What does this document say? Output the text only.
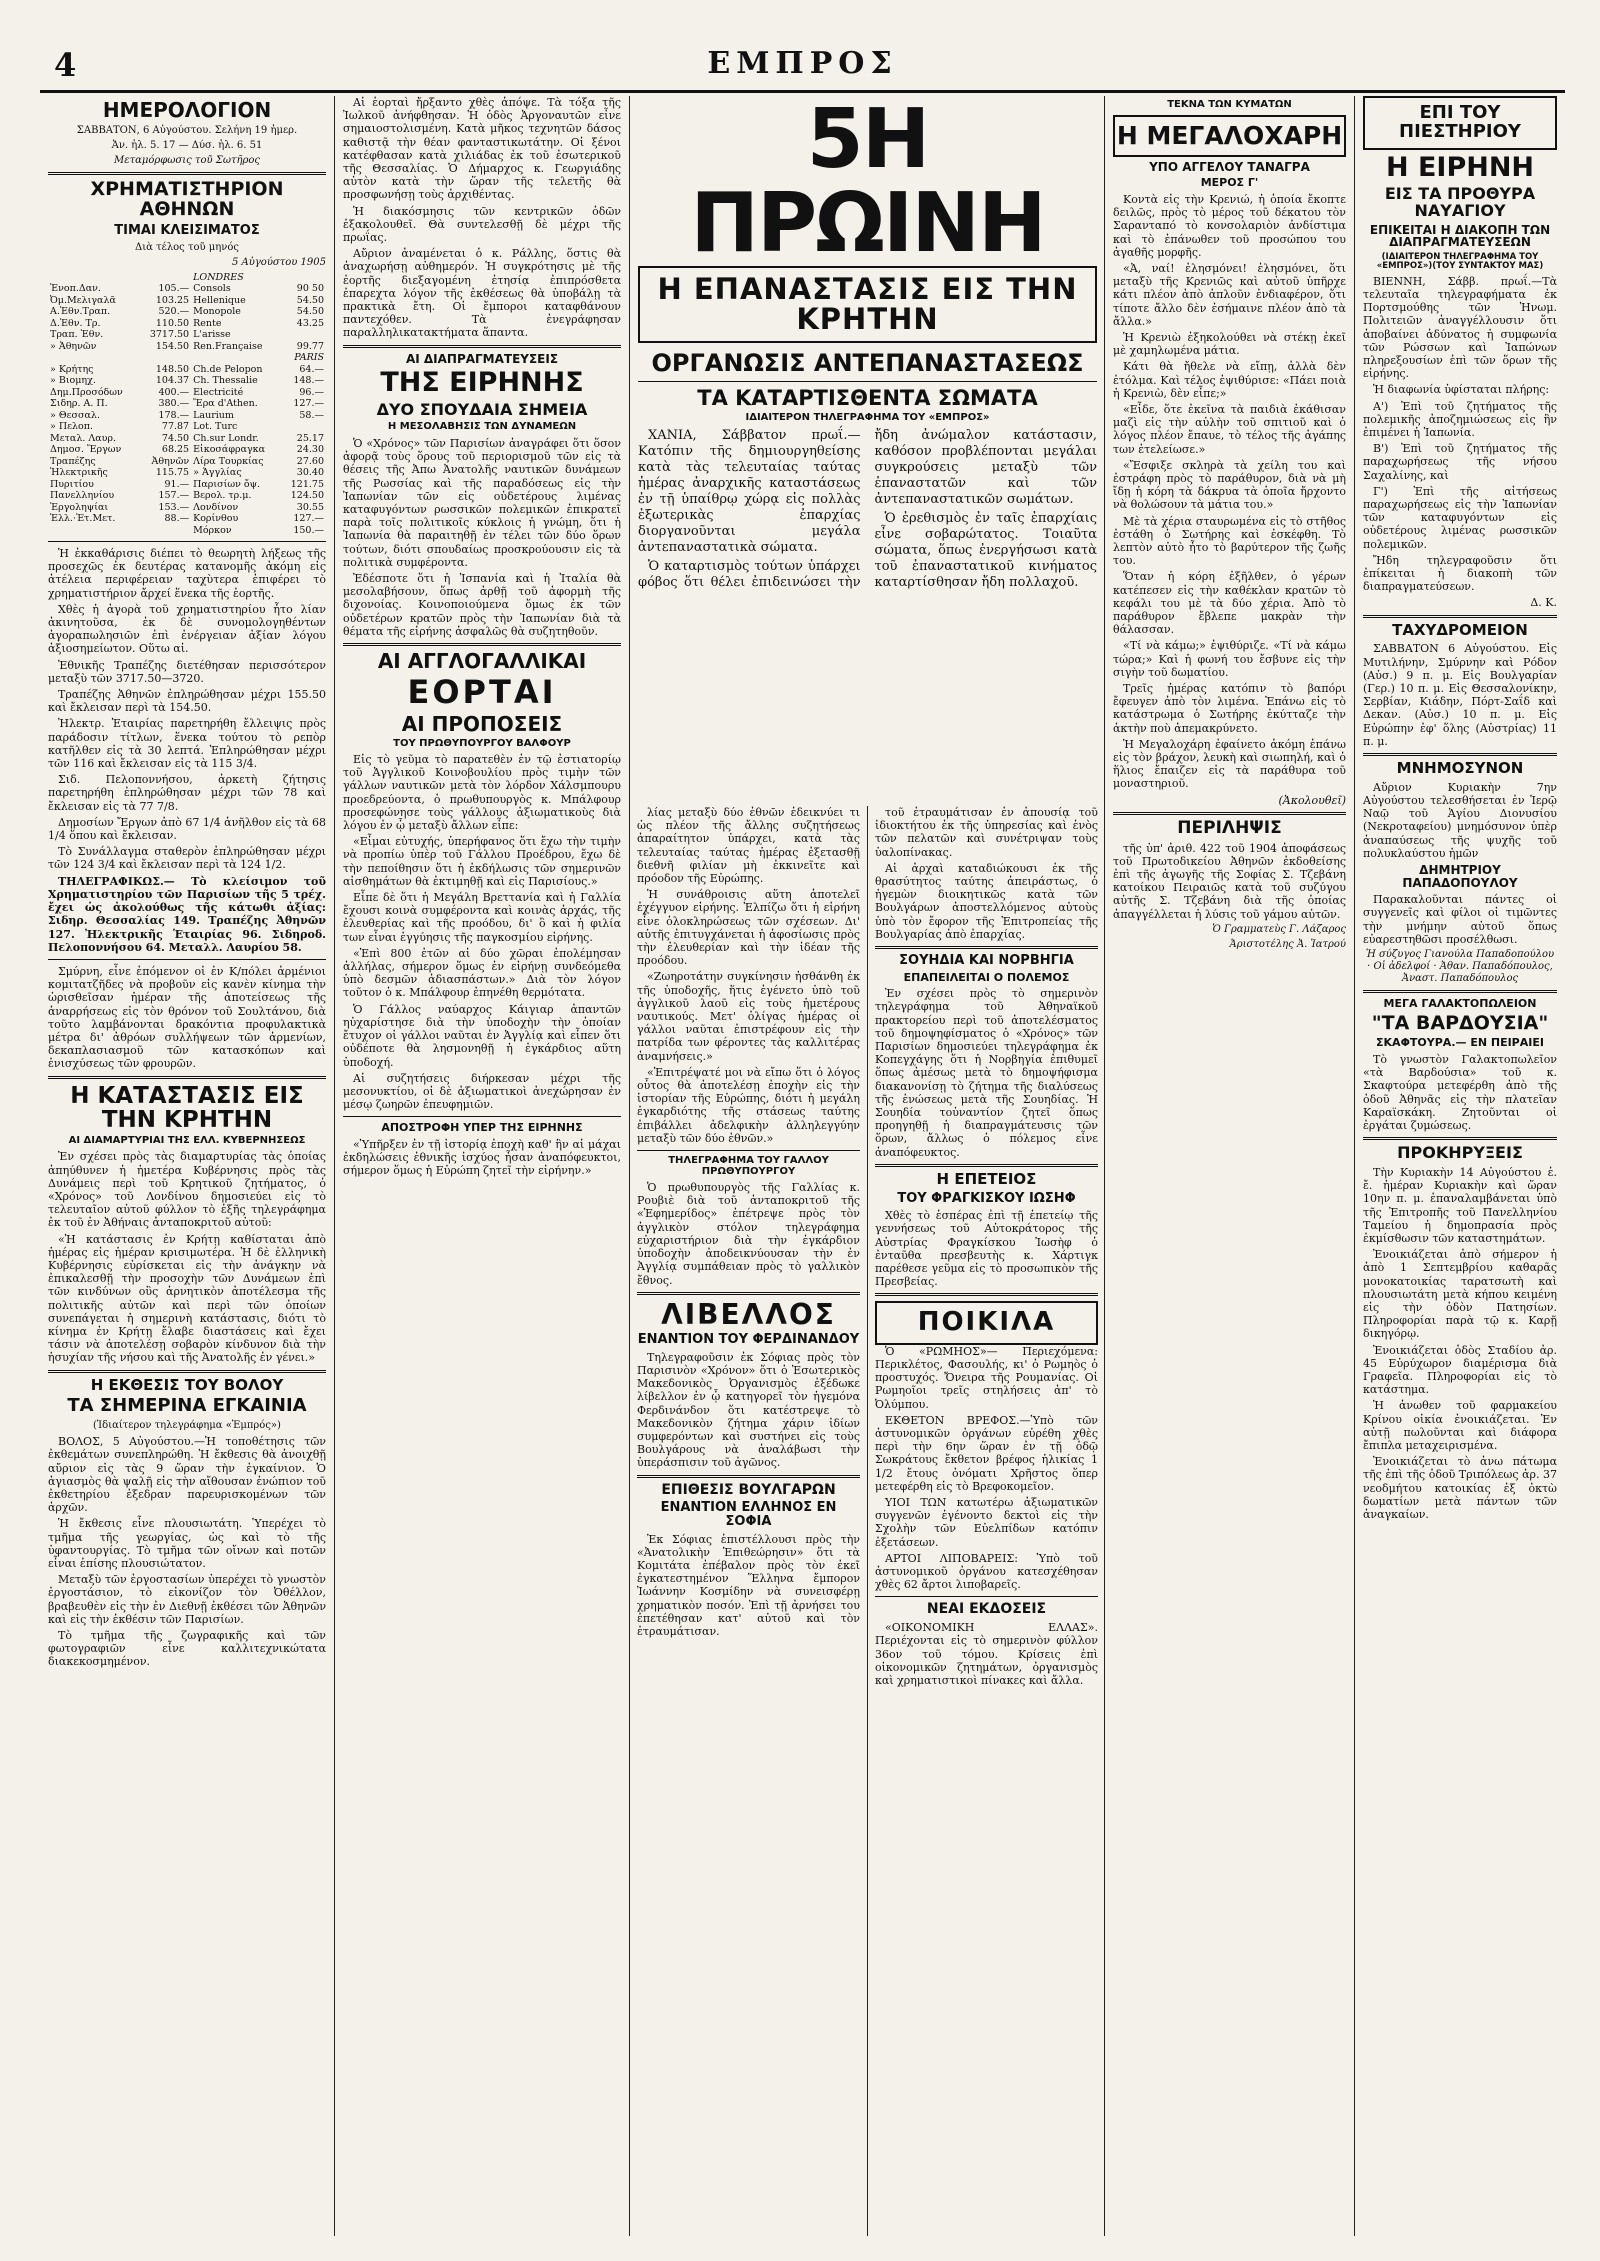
4	ΕΜΠΡΟΣ
ΗΜΕΡΟΛΟΓΙΟΝ

ΣΑΒΒΑΤΟΝ, 6 Αὐγούστου. Σελήνη 19 ἡμερ.

Ἀν. ἡλ. 5. 17 — Δύσ. ἡλ. 6. 51

Μεταμόρφωσις τοῦ Σωτῆρος

ΧΡΗΜΑΤΙΣΤΗΡΙΟΝ ΑΘΗΝΩΝ
ΤΙΜΑΙ ΚΛΕΙΣΙΜΑΤΟΣ

Διὰ τέλος τοῦ μηνός

5 Αὐγούστου 1905

		LONDRES	
Ἐνοπ.Δαν.	105.—	Consols	90 50
Ὀμ.Μελιγαλᾶ	103.25	Hellenique	54.50
Α.Ἐθν.Τραπ.	520.—	Monopole	54.50
Δ.Ἐθν. Τρ.	110.50	Rente	43.25
Τραπ. Ἐθν.	3717.50	L'arisse	
» Ἀθηνῶν	154.50	Ren.Française	99.77
PARIS			
» Κρήτης	148.50	Ch.de Pelopon	64.—
» Βιομηχ.	104.37	Ch. Thessalie	148.—
Δημ.Προσόδων	400.—	Electricité	96.—
Σιδηρ. Α. Π.	380.—	Ἔρα d'Athen.	127.—
» Θεσσαλ.	178.—	Laurium	58.—
» Πελοπ.	77.87	Lot. Turc	
Μεταλ. Λαυρ.	74.50	Ch.sur Londr.	25.17
Δημοσ. Ἔργων	68.25	Εἰκοσάφραγκα	24.30
Τραπέζης	Ἀθηνῶν	Λίρα Τουρκίας	27.60
Ἠλεκτρικῆς	115.75	» Ἀγγλίας	30.40
Πυριτίου	91.—	Παρισίων ὄψ.	121.75
Πανελληνίου	157.—	Βερολ. τρ.μ.	124.50
Ἐργοληψίαι	153.—	Λονδίνον	30.55
Ἑλλ.·Ἐτ.Μετ.	88.—	Κορίνθου	127.—
		Μόρκον	150.—

Ἡ ἐκκαθάρισις διέπει τὸ θεωρητὴ λήξεως τῆς προσεχῶς ἐκ δευτέρας κατανομῆς ἀκόμη εἰς ἀτέλεια περιφέρειαν ταχὺτερα ἐπιφέρει τὸ χρηματιστήριον ἄρχεί ἕνεκα τῆς ἑορτῆς.

Χθὲς ἡ ἀγορὰ τοῦ χρηματιστηρίου ἦτο λίαν ἀκινητοῦσα, ἐκ δὲ συνομολογηθέντων ἀγοραπωλησιῶν ἐπὶ ἐνέργειαν ἀξίαν λόγου ἀξιοσημείωτον. Οὕτω αἱ.

Ἐθνικῆς Τραπέζης διετέθησαν περισσότερον μεταξὺ τῶν 3717.50—3720.

Τραπέζης Ἀθηνῶν ἐπληρώθησαν μέχρι 155.50 καὶ ἔκλεισαν περὶ τὰ 154.50.

Ἠλεκτρ. Ἑταιρίας παρετηρήθη ἔλλειψις πρὸς παράδοσιν τίτλων, ἕνεκα τούτου τὸ ρεπὸρ κατῆλθεν εἰς τὰ 30 λεπτά. Ἐπληρώθησαν μέχρι τῶν 116 καὶ ἔκλεισαν εἰς τὰ 115 3/4.

Σιδ. Πελοποννήσου, ἀρκετὴ ζήτησις παρετηρήθη ἐπληρώθησαν μέχρι τῶν 78 καὶ ἔκλεισαν εἰς τὰ 77 7/8.

Δημοσίων Ἔργων ἀπὸ 67 1/4 ἀνῆλθον εἰς τὰ 68 1/4 ὅπου καὶ ἔκλεισαν.

Τὸ Συνάλλαγμα σταθερὸν ἐπληρώθησαν μέχρι τῶν 124 3/4 καὶ ἔκλεισαν περὶ τὰ 124 1/2.

ΤΗΛΕΓΡΑΦΙΚΩΣ.— Τὸ κλείσιμον τοῦ Χρηματιστηρίου τῶν Παρισίων τῆς 5 τρέχ. ἔχει ὡς ἀκολούθως τῆς κάτωθι ἀξίας: Σιδηρ. Θεσσαλίας 149. Τραπέζης Ἀθηνῶν 127. Ἠλεκτρικῆς Ἑταιρίας 96. Σιδηροδ. Πελοποννήσου 64. Μεταλλ. Λαυρίου 58.

Σμύρνη, εἶνε ἐπόμενον οἱ ἐν Κ/πόλει ἀρμένιοι κομιτατζῆδες νὰ προβοῦν εἰς κανὲν κίνημα τὴν ὡρισθεῖσαν ἡμέραν τῆς ἀποτείσεως τῆς ἀναρρήσεως εἰς τὸν θρόνον τοῦ Σουλτάνου, διὰ τοῦτο λαμβάνονται δρακόντια προφυλακτικὰ μέτρα δι' ἀθρόων συλλήψεων τῶν ἀρμενίων, δεκαπλασιασμοῦ τῶν κατασκόπων καὶ ἐνισχύσεως τῶν φρουρῶν.

Η ΚΑΤΑΣΤΑΣΙΣ ΕΙΣ ΤΗΝ ΚΡΗΤΗΝ
ΑΙ ΔΙΑΜΑΡΤΥΡΙΑΙ ΤΗΣ ΕΛΛ. ΚΥΒΕΡΝΗΣΕΩΣ

Ἐν σχέσει πρὸς τὰς διαμαρτυρίας τὰς ὁποίας ἀπηύθυνεν ἡ ἡμετέρα Κυβέρνησις πρὸς τὰς Δυνάμεις περὶ τοῦ Κρητικοῦ ζητήματος, ὁ «Χρόνος» τοῦ Λονδίνου δημοσιεύει εἰς τὸ τελευταῖον αὐτοῦ φύλλον τὸ ἑξῆς τηλεγράφημα ἐκ τοῦ ἐν Ἀθήναις ἀνταποκριτοῦ αὐτοῦ:

«Ἡ κατάστασις ἐν Κρήτῃ καθίσταται ἀπὸ ἡμέρας εἰς ἡμέραν κρισιμωτέρα. Ἡ δὲ ἑλληνικὴ Κυβέρνησις εὑρίσκεται εἰς τὴν ἀνάγκην νὰ ἐπικαλεσθῇ τὴν προσοχὴν τῶν Δυνάμεων ἐπὶ τῶν κινδύνων οὓς ἀρνητικὸν ἀποτέλεσμα τῆς πολιτικῆς αὐτῶν καὶ περὶ τῶν ὁποίων συνεπάγεται ἡ σημερινὴ κατάστασις, διότι τὸ κίνημα ἐν Κρήτῃ ἔλαβε διαστάσεις καὶ ἔχει τάσιν νὰ ἀποτελέσῃ σοβαρὸν κίνδυνον διὰ τὴν ἡσυχίαν τῆς νήσου καὶ τῆς Ἀνατολῆς ἐν γένει.»

Η ΕΚΘΕΣΙΣ ΤΟΥ ΒΟΛΟΥ
ΤΑ ΣΗΜΕΡΙΝΑ ΕΓΚΑΙΝΙΑ

(Ἰδιαίτερον τηλεγράφημα «Ἐμπρός»)

ΒΟΛΟΣ, 5 Αὐγούστου.—Ἡ τοποθέτησις τῶν ἐκθεμάτων συνεπληρώθη. Ἡ ἔκθεσις θὰ ἀνοιχθῇ αὔριον εἰς τὰς 9 ὥραν τὴν ἐγκαίνιον. Ὁ ἀγιασμὸς θὰ ψαλῇ εἰς τὴν αἴθουσαν ἐνώπιον τοῦ ἐκθετηρίου ἐξεδραν παρευρισκομένων τῶν ἀρχῶν.

Ἡ ἔκθεσις εἶνε πλουσιωτάτη. Ὑπερέχει τὸ τμῆμα τῆς γεωργίας, ὡς καὶ τὸ τῆς ὑφαντουργίας. Τὸ τμῆμα τῶν οἴνων καὶ ποτῶν εἶναι ἐπίσης πλουσιώτατον.

Μεταξὺ τῶν ἐργοστασίων ὑπερέχει τὸ γνωστὸν ἐργοστάσιον, τὸ εἰκονίζον τὸν Ὀθέλλον, βραβευθὲν εἰς τὴν ἐν Διεθνῇ ἐκθέσει τῶν Ἀθηνῶν καὶ εἰς τὴν ἐκθέσιν τῶν Παρισίων.

Τὸ τμῆμα τῆς ζωγραφικῆς καὶ τῶν φωτογραφιῶν εἶνε καλλιτεχνικώτατα διακεκοσμημένον.

Αἱ ἑορταὶ ἤρξαντο χθὲς ἀπόψε. Τὰ τόξα τῆς Ἰωλκοῦ ἀνήφθησαν. Ἡ ὁδὸς Ἀργοναυτῶν εἶνε σημαιοστολισμένη. Κατὰ μῆκος τεχνητῶν δάσος καθιστᾷ τὴν θέαν φανταστικωτάτην. Οἱ ξένοι κατέφθασαν κατὰ χιλιάδας ἐκ τοῦ ἐσωτερικοῦ τῆς Θεσσαλίας. Ὁ Δήμαρχος κ. Γεωργιάδης αὐτὸν κατὰ τὴν ὥραν τῆς τελετῆς θὰ προσφωνήσῃ τοὺς ἀρχιθέντας.

Ἡ διακόσμησις τῶν κεντρικῶν ὁδῶν ἐξακολουθεῖ. Θὰ συντελεσθῇ δὲ μέχρι τῆς πρωΐας.

Αὔριον ἀναμένεται ὁ κ. Ράλλης, ὅστις θὰ ἀναχωρήσῃ αὐθημερόν. Ἡ συγκρότησις μὲ τῆς ἐορτῆς διεξαγομένη ἐτησίᾳ ἐπιπρόσθετα ἐπαρεχτα λόγον τῆς ἐκθέσεως θὰ ὑποβάλῃ τὰ πρακτικὰ ἔτη. Οἱ ἔμποροι καταφθάνουν παντεχόθεν. Τὰ ἐνεγράφησαν παραλληλικατακτήματα ἅπαντα.

ΑΙ ΔΙΑΠΡΑΓΜΑΤΕΥΣΕΙΣ
ΤΗΣ ΕΙΡΗΝΗΣ
ΔΥΟ ΣΠΟΥΔΑΙΑ ΣΗΜΕΙΑ
Η ΜΕΣΟΛΑΒΗΣΙΣ ΤΩΝ ΔΥΝΑΜΕΩΝ

Ὁ «Χρόνος» τῶν Παρισίων ἀναγράφει ὅτι ὅσον ἀφορᾷ τοὺς ὅρους τοῦ περιορισμοῦ τῶν εἰς τὰ θέσεις τῆς Ἀπω Ἀνατολῆς ναυτικῶν δυνάμεων τῆς Ρωσσίας καὶ τῆς παραδόσεως εἰς τὴν Ἰαπωνίαν τῶν εἰς οὐδετέρους λιμένας καταφυγόντων ρωσσικῶν πολεμικῶν ἐπικρατεῖ παρὰ τοῖς πολιτικοῖς κύκλοις ἡ γνώμη, ὅτι ἡ Ἰαπωνία θὰ παραιτηθῇ ἐν τέλει τῶν δύο ὅρων τούτων, διότι σπουδαίως προσκρούουσιν εἰς τὰ πολιτικὰ συμφέροντα.

Ἐδέσποτε ὅτι ἡ Ἰσπανία καὶ ἡ Ἰταλία θὰ μεσολαβήσουν, ὅπως ἀρθῇ τοῦ ἀφορμὴ τῆς διχονοίας. Κοινοποιούμενα ὅμως ἐκ τῶν οὐδετέρων κρατῶν πρὸς τὴν Ἰαπωνίαν διὰ τὰ θέματα τῆς εἰρήνης ἀσφαλῶς θὰ συζητηθοῦν.

ΑΙ ΑΓΓΛΟΓΑΛΛΙΚΑΙ
ΕΟΡΤΑΙ
ΑΙ ΠΡΟΠΟΣΕΙΣ
ΤΟΥ ΠΡΩΘΥΠΟΥΡΓΟΥ ΒΑΛΦΟΥΡ

Εἰς τὸ γεῦμα τὸ παρατεθὲν ἐν τῷ ἐστιατορίῳ τοῦ Ἀγγλικοῦ Κοινοβουλίου πρὸς τιμὴν τῶν γάλλων ναυτικῶν μετὰ τὸν λόρδον Χάλσμπουρυ προεδρεύοντα, ὁ πρωθυπουργὸς κ. Μπάλφουρ προσεφώνησε τοὺς γάλλους ἀξιωματικοὺς διὰ λόγου ἐν ᾧ μεταξὺ ἄλλων εἶπε:

«Εἶμαι εὐτυχής, ὑπερήφανος ὅτι ἔχω τὴν τιμὴν νὰ προπίω ὑπὲρ τοῦ Γάλλου Προέδρου, ἔχω δὲ τὴν πεποίθησιν ὅτι ἡ ἐκδήλωσις τῶν σημερινῶν αἰσθημάτων θὰ ἐκτιμηθῇ καὶ εἰς Παρισίους.»

Εἶπε δὲ ὅτι ἡ Μεγάλη Βρεττανία καὶ ἡ Γαλλία ἔχουσι κοινὰ συμφέροντα καὶ κοινὰς ἀρχάς, τῆς ἐλευθερίας καὶ τῆς προόδου, δι' ὃ καὶ ἡ φιλία των εἶναι ἐγγύησις τῆς παγκοσμίου εἰρήνης.

«Ἐπὶ 800 ἐτῶν αἱ δύο χῶραι ἐπολέμησαν ἀλλήλας, σήμερον ὅμως ἐν εἰρήνῃ συνδεόμεθα ὑπὸ δεσμῶν ἀδιασπάστων.» Διὰ τὸν λόγον τοῦτον ὁ κ. Μπάλφουρ ἐπηνέθη θερμότατα.

Ὁ Γάλλος ναύαρχος Κάιγιαρ ἀπαντῶν ηὐχαρίστησε διὰ τὴν ὑποδοχὴν τὴν ὁποίαν ἔτυχον οἱ γάλλοι ναῦται ἐν Ἀγγλίᾳ καὶ εἶπεν ὅτι οὐδέποτε θὰ λησμονηθῇ ἡ ἐγκάρδιος αὕτη ὑποδοχή.

Αἱ συζητήσεις διήρκεσαν μέχρι τῆς μεσονυκτίου, οἱ δὲ ἀξιωματικοὶ ἀνεχώρησαν ἐν μέσῳ ζωηρῶν ἐπευφημιῶν.

ΑΠΟΣΤΡΟΦΗ ΥΠΕΡ ΤΗΣ ΕΙΡΗΝΗΣ

«Ὑπῆρξεν ἐν τῇ ἱστορίᾳ ἐποχὴ καθ' ἣν αἱ μάχαι ἐκδηλώσεις ἐθνικῆς ἰσχύος ἦσαν ἀναπόφευκτοι, σήμερον ὅμως ἡ Εὐρώπη ζητεῖ τὴν εἰρήνην.»

5Η ΠΡΩΙΝΗ
Η ΕΠΑΝΑΣΤΑΣΙΣ ΕΙΣ ΤΗΝ ΚΡΗΤΗΝ
ΟΡΓΑΝΩΣΙΣ ΑΝΤΕΠΑΝΑΣΤΑΣΕΩΣ
ΤΑ ΚΑΤΑΡΤΙΣΘΕΝΤΑ ΣΩΜΑΤΑ
ΙΔΙΑΙΤΕΡΟΝ ΤΗΛΕΓΡΑΦΗΜΑ ΤΟΥ «ΕΜΠΡΟΣ»

ΧΑΝΙΑ, Σάββατον πρωΐ.— Κατόπιν τῆς δημιουργηθείσης κατὰ τὰς τελευταίας ταύτας ἡμέρας ἀναρχικῆς καταστάσεως ἐν τῇ ὑπαίθρῳ χώρᾳ εἰς πολλὰς ἐξωτερικὰς ἐπαρχίας διοργανοῦνται μεγάλα ἀντεπαναστατικὰ σώματα.

Ὁ καταρτισμὸς τούτων ὑπάρχει φόβος ὅτι θέλει ἐπιδεινώσει τὴν ἤδη ἀνώμαλον κατάστασιν, καθόσον προβλέπονται μεγάλαι συγκρούσεις μεταξὺ τῶν ἐπαναστατῶν καὶ τῶν ἀντεπαναστατικῶν σωμάτων.

Ὁ ἐρεθισμὸς ἐν ταῖς ἐπαρχίαις εἶνε σοβαρώτατος. Τοιαῦτα σώματα, ὅπως ἐνεργήσωσι κατὰ τοῦ ἐπαναστατικοῦ κινήματος καταρτίσθησαν ἤδη πολλαχοῦ.

λίας μεταξὺ δύο ἐθνῶν ἐδεικνύει τι ὡς πλέον τῆς ἄλλης συζητήσεως ἀπαραίτητον ὑπάρχει, κατὰ τὰς τελευταίας ταύτας ἡμέρας ἐξετασθῇ διεθνῆ φιλίαν μὴ ἐκκινεῖτε καὶ πρόοδον τῆς Εὐρώπης.

Ἡ συνάθροισις αὕτη ἀποτελεῖ ἐχέγγυον εἰρήνης. Ἐλπίζω ὅτι ἡ εἰρήνη εἶνε ὁλοκληρώσεως τῶν σχέσεων. Δι' αὐτῆς ἐπιτυγχάνεται ἡ ἀφοσίωσις πρὸς τὴν ἐλευθερίαν καὶ τὴν ἰδέαν τῆς προόδου.

«Ζωηροτάτην συγκίνησιν ἠσθάνθη ἐκ τῆς ὑποδοχῆς, ἥτις ἐγένετο ὑπὸ τοῦ ἀγγλικοῦ λαοῦ εἰς τοὺς ἡμετέρους ναυτικούς. Μετ' ὀλίγας ἡμέρας οἱ γάλλοι ναῦται ἐπιστρέφουν εἰς τὴν πατρίδα των φέροντες τὰς καλλιτέρας ἀναμνήσεις.»

«Ἐπιτρέψατέ μοι νὰ εἴπω ὅτι ὁ λόγος οὗτος θὰ ἀποτελέσῃ ἐποχὴν εἰς τὴν ἱστορίαν τῆς Εὐρώπης, διότι ἡ μεγάλη ἐγκαρδιότης τῆς στάσεως ταύτης ἐπιβάλλει ἀδελφικὴν ἀλληλεγγύην μεταξὺ τῶν δύο ἐθνῶν.»

ΤΗΛΕΓΡΑΦΗΜΑ ΤΟΥ ΓΑΛΛΟΥ ΠΡΩΘΥΠΟΥΡΓΟΥ

Ὁ πρωθυπουργὸς τῆς Γαλλίας κ. Ρουβιὲ διὰ τοῦ ἀνταποκριτοῦ τῆς «Ἐφημερίδος» ἐπέτρεψε πρὸς τὸν ἀγγλικὸν στόλον τηλεγράφημα εὐχαριστήριον διὰ τὴν ἐγκάρδιον ὑποδοχὴν ἀποδεικνύουσαν τὴν ἐν Ἀγγλίᾳ συμπάθειαν πρὸς τὸ γαλλικὸν ἔθνος.

ΛΙΒΕΛΛΟΣ
ΕΝΑΝΤΙΟΝ ΤΟΥ ΦΕΡΔΙΝΑΝΔΟΥ

Τηλεγραφοῦσιν ἐκ Σόφιας πρὸς τὸν Παρισινὸν «Χρόνον» ὅτι ὁ Ἐσωτερικὸς Μακεδονικὸς Ὀργανισμὸς ἐξέδωκε λίβελλον ἐν ᾧ κατηγορεῖ τὸν ἡγεμόνα Φερδινάνδον ὅτι κατέστρεψε τὸ Μακεδονικὸν ζήτημα χάριν ἰδίων συμφερόντων καὶ συστήνει εἰς τοὺς Βουλγάρους νὰ ἀναλάβωσι τὴν ὑπεράσπισιν τοῦ ἀγῶνος.

ΕΠΙΘΕΣΙΣ ΒΟΥΛΓΑΡΩΝ
ΕΝΑΝΤΙΟΝ ΕΛΛΗΝΟΣ ΕΝ ΣΟΦΙΑ

Ἐκ Σόφιας ἐπιστέλλουσι πρὸς τὴν «Ἀνατολικὴν Ἐπιθεώρησιν» ὅτι τὰ Κομιτάτα ἐπέβαλον πρὸς τὸν ἐκεῖ ἐγκατεστημένον Ἕλληνα ἔμπορον Ἰωάννην Κοσμίδην νὰ συνεισφέρῃ χρηματικὸν ποσόν. Ἐπὶ τῇ ἀρνήσει του ἐπετέθησαν κατ' αὐτοῦ καὶ τὸν ἐτραυμάτισαν.

τοῦ ἐτραυμάτισαν ἐν ἀπουσίᾳ τοῦ ἰδιοκτήτου ἐκ τῆς ὑπηρεσίας καὶ ἑνὸς τῶν πελατῶν καὶ συνέτριψαν τοὺς ὑαλοπίνακας.

Αἱ ἀρχαὶ καταδιώκουσι ἐκ τῆς θρασύτητος ταύτης ἀπειράστως, ὁ ἡγεμὼν διοικητικῶς κατὰ τῶν Βουλγάρων ἀποστελλόμενος αὐτοὺς ὑπὸ τὸν ἔφορον τῆς Ἐπιτροπείας τῆς Βουλγαρίας ἀπὸ ἐπαρχίας.

ΣΟΥΗΔΙΑ ΚΑΙ ΝΟΡΒΗΓΙΑ
ΕΠΑΠΕΙΛΕΙΤΑΙ Ο ΠΟΛΕΜΟΣ

Ἐν σχέσει πρὸς τὸ σημερινὸν τηλεγράφημα τοῦ Ἀθηναϊκοῦ πρακτορείου περὶ τοῦ ἀποτελέσματος τοῦ δημοψηφίσματος ὁ «Χρόνος» τῶν Παρισίων δημοσιεύει τηλεγράφημα ἐκ Κοπεγχάγης ὅτι ἡ Νορβηγία ἐπιθυμεῖ ὅπως ἀμέσως μετὰ τὸ δημοψήφισμα διακανονίσῃ τὸ ζήτημα τῆς διαλύσεως τῆς ἑνώσεως μετὰ τῆς Σουηδίας. Ἡ Σουηδία τοὐναντίον ζητεῖ ὅπως προηγηθῇ ἡ διαπραγμάτευσις τῶν ὅρων, ἄλλως ὁ πόλεμος εἶνε ἀναπόφευκτος.

Η ΕΠΕΤΕΙΟΣ
ΤΟΥ ΦΡΑΓΚΙΣΚΟΥ ΙΩΣΗΦ

Χθὲς τὸ ἑσπέρας ἐπὶ τῇ ἐπετείῳ τῆς γεννήσεως τοῦ Αὐτοκράτορος τῆς Αὐστρίας Φραγκίσκου Ἰωσὴφ ὁ ἐνταῦθα πρεσβευτὴς κ. Χάρτιγκ παρέθεσε γεῦμα εἰς τὸ προσωπικὸν τῆς Πρεσβείας.

ΠΟΙΚΙΛΑ

Ὁ «ΡΩΜΗΟΣ»— Περιεχόμενα: Περικλέτος, Φασουλής, κι' ὁ Ρωμηὸς ὁ προστυχός. Ὄνειρα τῆς Ρουμανίας. Οἱ Ρωμηοῖοι τρεῖς στηλήσεις ἀπ' τὸ Ὀλύμπου.

ΕΚΘΕΤΟΝ ΒΡΕΦΟΣ.—Ὑπὸ τῶν ἀστυνομικῶν ὀργάνων εὑρέθη χθὲς περὶ τὴν 6ην ὥραν ἐν τῇ ὁδῷ Σωκράτους ἔκθετον βρέφος ἡλικίας 1 1/2 ἔτους ὀνόματι Χρῆστος ὅπερ μετεφέρθη εἰς τὸ Βρεφοκομεῖον.

ΥΙΟΙ ΤΩΝ κατωτέρω ἀξιωματικῶν συγγενῶν ἐγένοντο δεκτοὶ εἰς τὴν Σχολὴν τῶν Εὐελπίδων κατόπιν ἐξετάσεων.

ΑΡΤΟΙ ΛΙΠΟΒΑΡΕΙΣ: Ὑπὸ τοῦ ἀστυνομικοῦ ὀργάνου κατεσχέθησαν χθὲς 62 ἄρτοι λιποβαρεῖς.

ΝΕΑΙ ΕΚΔΟΣΕΙΣ

«ΟΙΚΟΝΟΜΙΚΗ ΕΛΛΑΣ». Περιέχονται εἰς τὸ σημερινὸν φύλλον 36ον τοῦ τόμου. Κρίσεις ἐπὶ οἰκονομικῶν ζητημάτων, ὀργανισμὸς καὶ χρηματιστικοὶ πίνακες καὶ ἄλλα.

ΤΕΚΝΑ ΤΩΝ ΚΥΜΑΤΩΝ
Η ΜΕΓΑΛΟΧΑΡΗ
ΥΠΟ ΑΓΓΕΛΟΥ ΤΑΝΑΓΡΑ
ΜΕΡΟΣ Γ'

Κοντὰ εἰς τὴν Κρενιώ, ἡ ὁποία ἔκοπτε δειλῶς, πρὸς τὸ μέρος τοῦ δέκατου τὸν Σαρανταπό τὸ κονσολαριὸν ἀνδίστιμα καὶ τὸ ἐπάνωθεν τοῦ προσώπου του ἀγαθῆς μορφῆς.

«Ἀ, ναί! ἐλησμόνει! ἐλησμόνει, ὅτι μεταξὺ τῆς Κρενιῶς καὶ αὐτοῦ ὑπῆρχε κάτι πλέον ἀπὸ ἁπλοῦν ἐνδιαφέρον, ὅτι τίποτε ἄλλο δὲν ἐσήμαινε πλέον ἀπὸ τὰ ἄλλα.»

Ἡ Κρενιὼ ἐξηκολούθει νὰ στέκῃ ἐκεῖ μὲ χαμηλωμένα μάτια.

Κάτι θὰ ἤθελε νὰ εἴπῃ, ἀλλὰ δὲν ἐτόλμα. Καὶ τέλος ἐψιθύρισε: «Πάει ποιὰ ἡ Κρενιὼ, δὲν εἶπε;»

«Εἶδε, ὅτε ἐκεῖνα τὰ παιδιὰ ἐκάθισαν μαζὶ εἰς τὴν αὐλὴν τοῦ σπιτιοῦ καὶ ὁ λόγος πλέον ἔπαυε, τὸ τέλος τῆς ἀγάπης των ἐτελείωσε.»

«Ἔσφιξε σκληρὰ τὰ χείλη του καὶ ἐστράφη πρὸς τὸ παράθυρον, διὰ νὰ μὴ ἴδῃ ἡ κόρη τὰ δάκρυα τὰ ὁποῖα ἤρχοντο νὰ θολώσουν τὰ μάτια του.»

Μὲ τὰ χέρια σταυρωμένα εἰς τὸ στῆθος ἐστάθη ὁ Σωτήρης καὶ ἐσκέφθη. Τὸ λεπτὸν αὐτὸ ἦτο τὸ βαρύτερον τῆς ζωῆς του.

Ὅταν ἡ κόρη ἐξῆλθεν, ὁ γέρων κατέπεσεν εἰς τὴν καθέκλαν κρατῶν τὸ κεφάλι του μὲ τὰ δύο χέρια. Ἀπὸ τὸ παράθυρον ἔβλεπε μακρὰν τὴν θάλασσαν.

«Τί νὰ κάμω;» ἐψιθύριζε. «Τί νὰ κάμω τώρα;» Καὶ ἡ φωνή του ἔσβυνε εἰς τὴν σιγὴν τοῦ δωματίου.

Τρεῖς ἡμέρας κατόπιν τὸ βαπόρι ἔφευγεν ἀπὸ τὸν λιμένα. Ἐπάνω εἰς τὸ κατάστρωμα ὁ Σωτήρης ἐκύτταζε τὴν ἀκτὴν ποὺ ἀπεμακρύνετο.

Ἡ Μεγαλοχάρη ἐφαίνετο ἀκόμη ἐπάνω εἰς τὸν βράχον, λευκὴ καὶ σιωπηλή, καὶ ὁ ἥλιος ἔπαιζεν εἰς τὰ παράθυρα τοῦ μοναστηριοῦ.

(Ἀκολουθεῖ)

ΠΕΡΙΛΗΨΙΣ

τῆς ὑπ' ἀριθ. 422 τοῦ 1904 ἀποφάσεως τοῦ Πρωτοδικείου Ἀθηνῶν ἐκδοθείσης ἐπὶ τῆς ἀγωγῆς τῆς Σοφίας Σ. Τζεβάνη κατοίκου Πειραιῶς κατὰ τοῦ συζύγου αὐτῆς Σ. Τζεβάνη διὰ τῆς ὁποίας ἀπαγγέλλεται ἡ λύσις τοῦ γάμου αὐτῶν.

Ὁ Γραμματεὺς Γ. Λάζαρος

Ἀριστοτέλης Ἀ. Ἰατρού

ΕΠΙ ΤΟΥ ΠΙΕΣΤΗΡΙΟΥ
Η ΕΙΡΗΝΗ
ΕΙΣ ΤΑ ΠΡΟΘΥΡΑ ΝΑΥΑΓΙΟΥ
ΕΠΙΚΕΙΤΑΙ Η ΔΙΑΚΟΠΗ ΤΩΝ ΔΙΑΠΡΑΓΜΑΤΕΥΣΕΩΝ
(ΙΔΙΑΙΤΕΡΟΝ ΤΗΛΕΓΡΑΦΗΜΑ ΤΟΥ «ΕΜΠΡΟΣ»)(ΤΟΥ ΣΥΝΤΑΚΤΟΥ ΜΑΣ)

ΒΙΕΝΝΗ, Σάββ. πρωΐ.—Τὰ τελευταῖα τηλεγραφήματα ἐκ Πορτσμούθης τῶν Ἡνωμ. Πολιτειῶν ἀναγγέλλουσιν ὅτι ἀποβαίνει ἀδύνατος ἡ συμφωνία τῶν Ρώσσων καὶ Ἰαπώνων πληρεξουσίων ἐπὶ τῶν ὅρων τῆς εἰρήνης.

Ἡ διαφωνία ὑφίσταται πλήρης:

Α') Ἐπὶ τοῦ ζητήματος τῆς πολεμικῆς ἀποζημιώσεως εἰς ἣν ἐπιμένει ἡ Ἰαπωνία.

Β') Ἐπὶ τοῦ ζητήματος τῆς παραχωρήσεως τῆς νήσου Σαχαλίνης, καὶ

Γ') Ἐπὶ τῆς αἰτήσεως παραχωρήσεως εἰς τὴν Ἰαπωνίαν τῶν καταφυγόντων εἰς οὐδετέρους λιμένας ρωσσικῶν πολεμικῶν.

Ἤδη τηλεγραφοῦσιν ὅτι ἐπίκειται ἡ διακοπὴ τῶν διαπραγματεύσεων.

Δ. Κ.

ΤΑΧΥΔΡΟΜΕΙΟΝ

ΣΑΒΒΑΤΟΝ 6 Αὐγούστου. Εἰς Μυτιλήνην, Σμύρνην καὶ Ρόδον (Αὐσ.) 9 π. μ. Εἰς Βουλγαρίαν (Γερ.) 10 π. μ. Εἰς Θεσσαλονίκην, Σερβίαν, Κιάδην, Πόρτ-Σαΐδ καὶ Δεκαν. (Αὐσ.) 10 π. μ. Εἰς Εὐρώπην ἐφ' ὅλης (Αὐστρίας) 11 π. μ.

ΜΝΗΜΟΣΥΝΟΝ

Αὔριον Κυριακὴν 7ην Αὐγούστου τελεσθήσεται ἐν Ἱερῷ Ναῷ τοῦ Ἁγίου Διονυσίου (Νεκροταφείου) μνημόσυνον ὑπὲρ ἀναπαύσεως τῆς ψυχῆς τοῦ πολυκλαύστου ἡμῶν

ΔΗΜΗΤΡΙΟΥ ΠΑΠΑΔΟΠΟΥΛΟΥ

Παρακαλοῦνται πάντες οἱ συγγενεῖς καὶ φίλοι οἱ τιμῶντες τὴν μνήμην αὐτοῦ ὅπως εὐαρεστηθῶσι προσέλθωσι.

Ἡ σύζυγος Γιανούλα Παπαδοπούλου · Οἱ ἀδελφοί · Ἀθαν. Παπαδόπουλος, Ἀναστ. Παπαδόπουλος

ΜΕΓΑ ΓΑΛΑΚΤΟΠΩΛΕΙΟΝ
"ΤΑ ΒΑΡΔΟΥΣΙΑ"
ΣΚΑΦΤΟΥΡΑ.— ΕΝ ΠΕΙΡΑΙΕΙ

Τὸ γνωστὸν Γαλακτοπωλεῖον «τὰ Βαρδούσια» τοῦ κ. Σκαφτούρα μετεφέρθη ἀπὸ τῆς ὁδοῦ Ἀθηνᾶς εἰς τὴν πλατεῖαν Καραϊσκάκη. Ζητοῦνται οἱ ἐργάται ζυμώσεως.

ΠΡΟΚΗΡΥΞΕΙΣ

Τὴν Κυριακὴν 14 Αὐγούστου ἐ. ἔ. ἡμέραν Κυριακὴν καὶ ὥραν 10ην π. μ. ἐπαναλαμβάνεται ὑπὸ τῆς Ἐπιτροπῆς τοῦ Πανελληνίου Ταμείου ἡ δημοπρασία πρὸς ἐκμίσθωσιν τῶν καταστημάτων.

Ἐνοικιάζεται ἀπὸ σήμερον ἡ ἀπὸ 1 Σεπτεμβρίου καθαρᾶς μονοκατοικίας ταρατσωτὴ καὶ πλουσιωτάτη μετὰ κήπου κειμένη εἰς τὴν ὁδὸν Πατησίων. Πληροφορίαι παρὰ τῷ κ. Καρῇ δικηγόρῳ.

Ἐνοικιάζεται ὁδὸς Σταδίου ἀρ. 45 Εὐρύχωρον διαμέρισμα διὰ Γραφεῖα. Πληροφορίαι εἰς τὸ κατάστημα.

Ἡ ἀνωθεν τοῦ φαρμακείου Κρίνου οἰκία ἐνοικιάζεται. Ἐν αὐτῇ πωλοῦνται καὶ διάφορα ἔπιπλα μεταχειρισμένα.

Ἐνοικιάζεται τὸ ἀνω πάτωμα τῆς ἐπὶ τῆς ὁδοῦ Τριπόλεως ἀρ. 37 νεοδμήτου κατοικίας ἐξ ὀκτὼ δωματίων μετὰ πάντων τῶν ἀναγκαίων.
